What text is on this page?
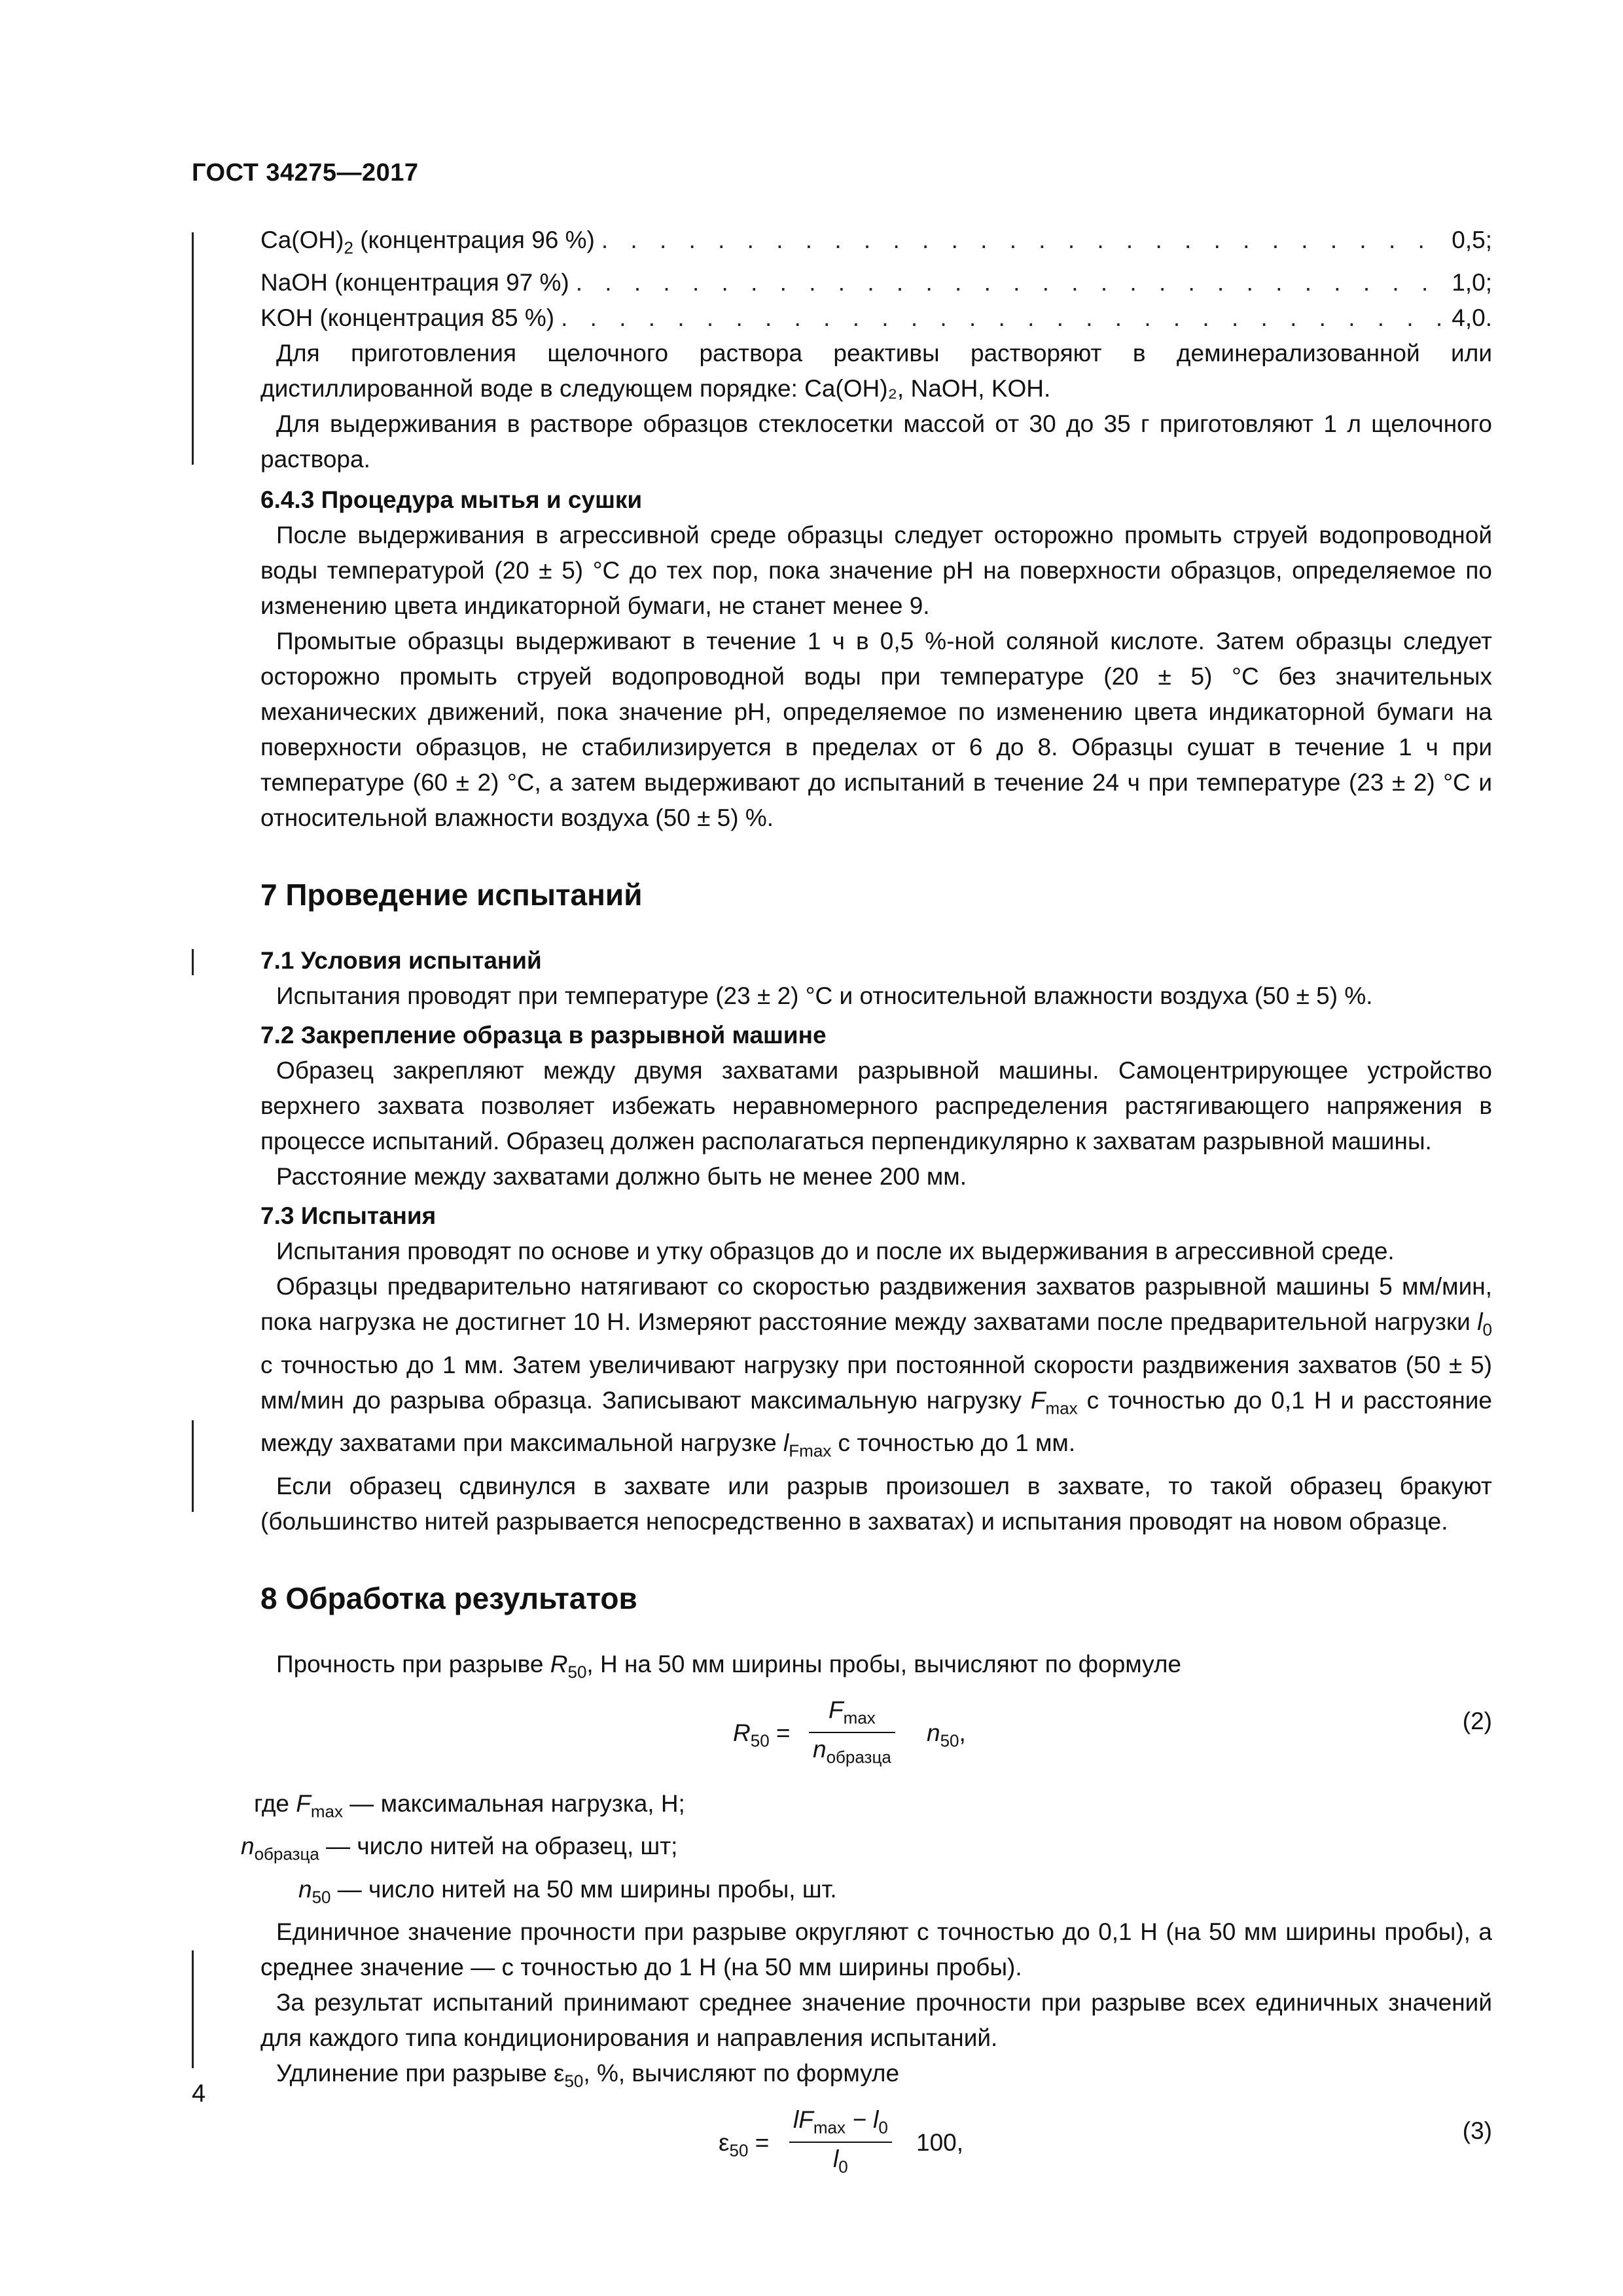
ГОСТ 34275—2017
$Ca(OH)_2$ (концентрация 96 %) . . .	0,5;
NaOH (концентрация 97 %) . . .	1,0;
KOH (концентрация 85 %) . . .	4,0.

Для приготовления щелочного раствора реактивы растворяют в деминерализованной или дистиллированной воде в следующем порядке: Ca(OH)₂, NaOH, KOH.

Для выдерживания в растворе образцов стеклосетки массой от 30 до 35 г приготовляют 1 л щелочного раствора.

6.4.3 Процедура мытья и сушки

После выдерживания в агрессивной среде образцы следует осторожно промыть струей водопроводной воды температурой (20 ± 5) °С до тех пор, пока значение pH на поверхности образцов, определяемое по изменению цвета индикаторной бумаги, не станет менее 9.

Промытые образцы выдерживают в течение 1 ч в 0,5 %-ной соляной кислоте. Затем образцы следует осторожно промыть струей водопроводной воды при температуре (20 ± 5) °С без значительных механических движений, пока значение pH, определяемое по изменению цвета индикаторной бумаги на поверхности образцов, не стабилизируется в пределах от 6 до 8. Образцы сушат в течение 1 ч при температуре (60 ± 2) °С, а затем выдерживают до испытаний в течение 24 ч при температуре (23 ± 2) °С и относительной влажности воздуха (50 ± 5) %.

7 Проведение испытаний
7.1 Условия испытаний

Испытания проводят при температуре (23 ± 2) °С и относительной влажности воздуха (50 ± 5) %.

7.2 Закрепление образца в разрывной машине

Образец закрепляют между двумя захватами разрывной машины. Самоцентрирующее устройство верхнего захвата позволяет избежать неравномерного распределения растягивающего напряжения в процессе испытаний. Образец должен располагаться перпендикулярно к захватам разрывной машины.

Расстояние между захватами должно быть не менее 200 мм.

7.3 Испытания

Испытания проводят по основе и утку образцов до и после их выдерживания в агрессивной среде.

Образцы предварительно натягивают со скоростью раздвижения захватов разрывной машины 5 мм/мин, пока нагрузка не достигнет 10 Н. Измеряют расстояние между захватами после предварительной нагрузки $l_0$ с точностью до 1 мм. Затем увеличивают нагрузку при постоянной скорости раздвижения захватов (50 ± 5) мм/мин до разрыва образца. Записывают максимальную нагрузку $F_{max}$ с точностью до 0,1 Н и расстояние между захватами при максимальной нагрузке $l_{Fmax}$ с точностью до 1 мм.

Если образец сдвинулся в захвате или разрыв произошел в захвате, то такой образец бракуют (большинство нитей разрывается непосредственно в захватах) и испытания проводят на новом образце.

8 Обработка результатов

Прочность при разрыве $R_{50}$, Н на 50 мм ширины пробы, вычисляют по формуле

$R_{50}$ =
$F_{max}$
$n_{образца}$
$n_{50}$,	(2)
где $F_{max}$ — максимальная нагрузка, Н;
$n_{образца}$ — число нитей на образец, шт;
$n_{50}$ — число нитей на 50 мм ширины пробы, шт.

Единичное значение прочности при разрыве округляют с точностью до 0,1 Н (на 50 мм ширины пробы), а среднее значение — с точностью до 1 Н (на 50 мм ширины пробы).

За результат испытаний принимают среднее значение прочности при разрыве всех единичных значений для каждого типа кондиционирования и направления испытаний.

Удлинение при разрыве $\varepsilon_{50}$, %, вычисляют по формуле

$\varepsilon_{50}$ =
$lF_{max} - l_0$
$l_0$
100,	(3)
4
